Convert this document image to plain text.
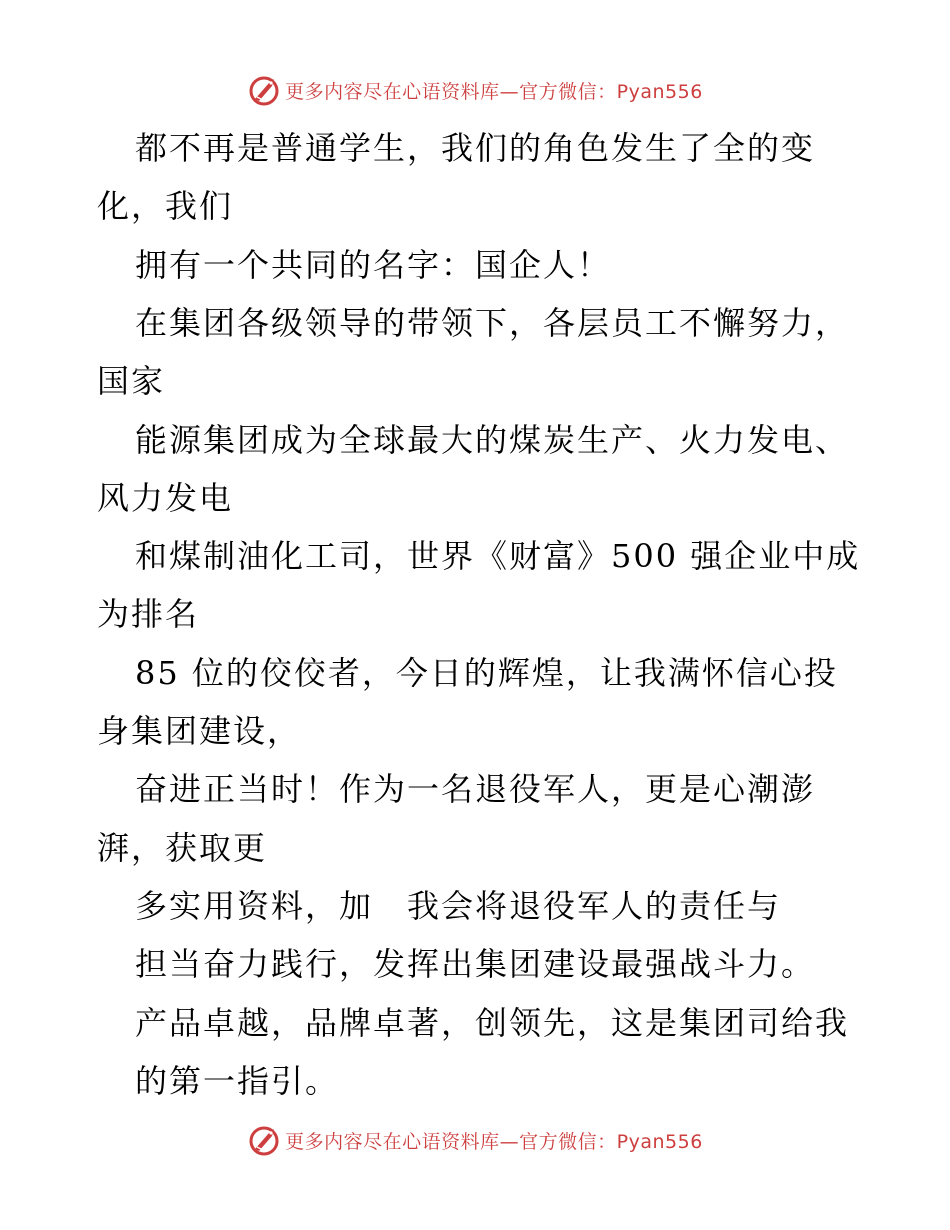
更多内容尽在心语资料库—官方微信：Pyan556
都不再是普通学生，我们的角色发生了全的变
化，我们
拥有一个共同的名字：国企人！
在集团各级领导的带领下，各层员工不懈努力，
国家
能源集团成为全球最大的煤炭生产、火力发电、
风力发电
和煤制油化工司，世界《财富》500 强企业中成
为排名
85 位的佼佼者，今日的辉煌，让我满怀信心投
身集团建设，
奋进正当时！作为一名退役军人，更是心潮澎
湃，获取更
多实用资料，加　我会将退役军人的责任与
担当奋力践行，发挥出集团建设最强战斗力。
产品卓越，品牌卓著，创领先，这是集团司给我
的第一指引。
更多内容尽在心语资料库—官方微信：Pyan556
